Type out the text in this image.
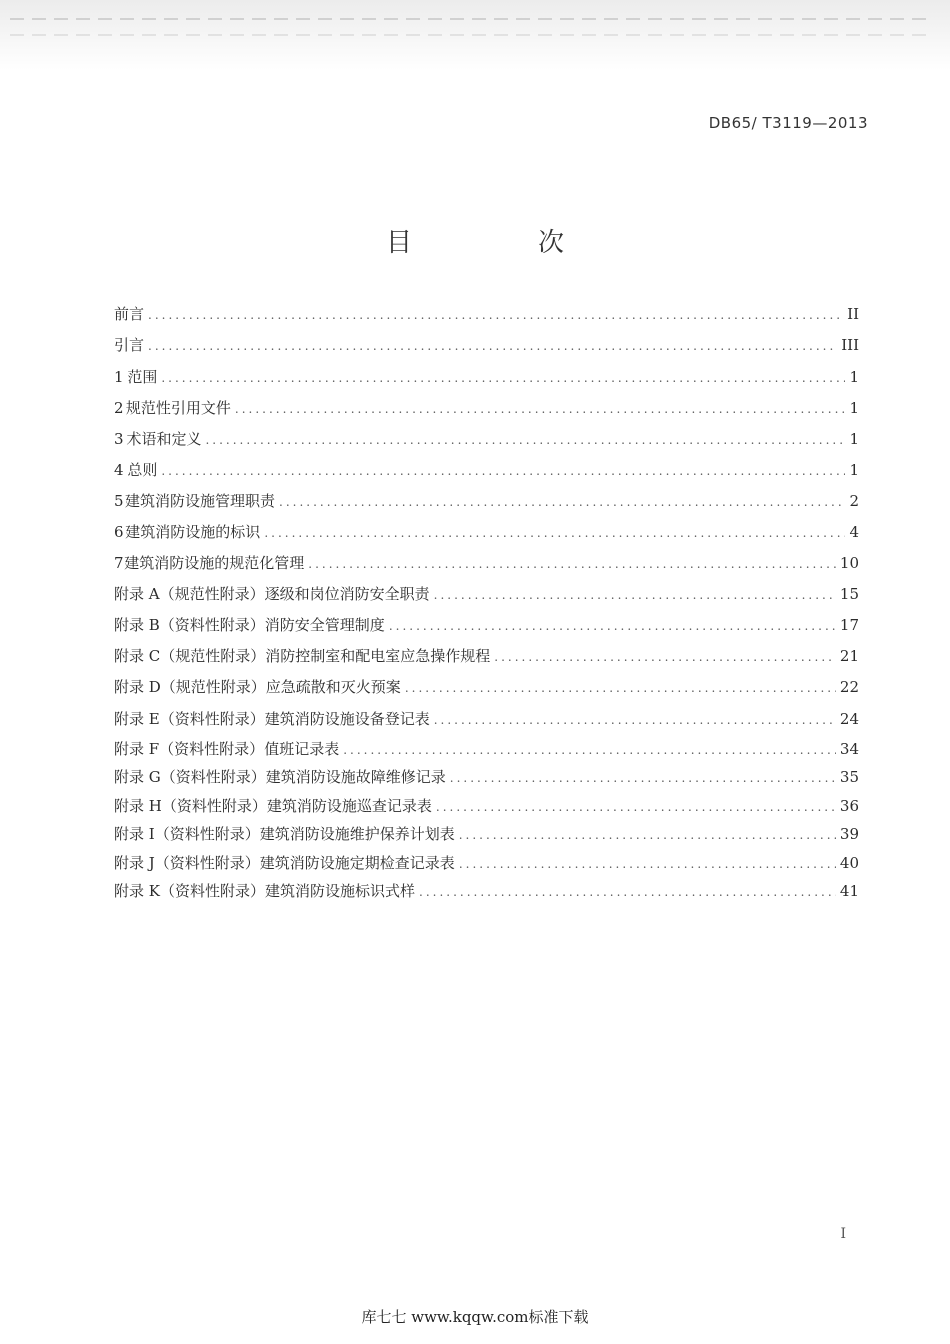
DB65/ T3119—2013
目　次
前言 .....	II
引言 .....	III
1 范围 .....	1
2 规范性引用文件 .....	1
3 术语和定义 .....	1
4 总则 .....	1
5 建筑消防设施管理职责 .....	2
6 建筑消防设施的标识 .....	4
7 建筑消防设施的规范化管理 .....	10
附录 A（规范性附录） 逐级和岗位消防安全职责 .....	15
附录 B（资料性附录） 消防安全管理制度 .....	17
附录 C（规范性附录） 消防控制室和配电室应急操作规程 .....	21
附录 D（规范性附录） 应急疏散和灭火预案 .....	22
附录 E（资料性附录） 建筑消防设施设备登记表 .....	24
附录 F（资料性附录） 值班记录表 .....	34
附录 G（资料性附录） 建筑消防设施故障维修记录 .....	35
附录 H（资料性附录） 建筑消防设施巡查记录表 .....	36
附录 I（资料性附录） 建筑消防设施维护保养计划表 .....	39
附录 J（资料性附录） 建筑消防设施定期检查记录表 .....	40
附录 K（资料性附录） 建筑消防设施标识式样 .....	41
I
库七七 www.kqqw.com标准下载
